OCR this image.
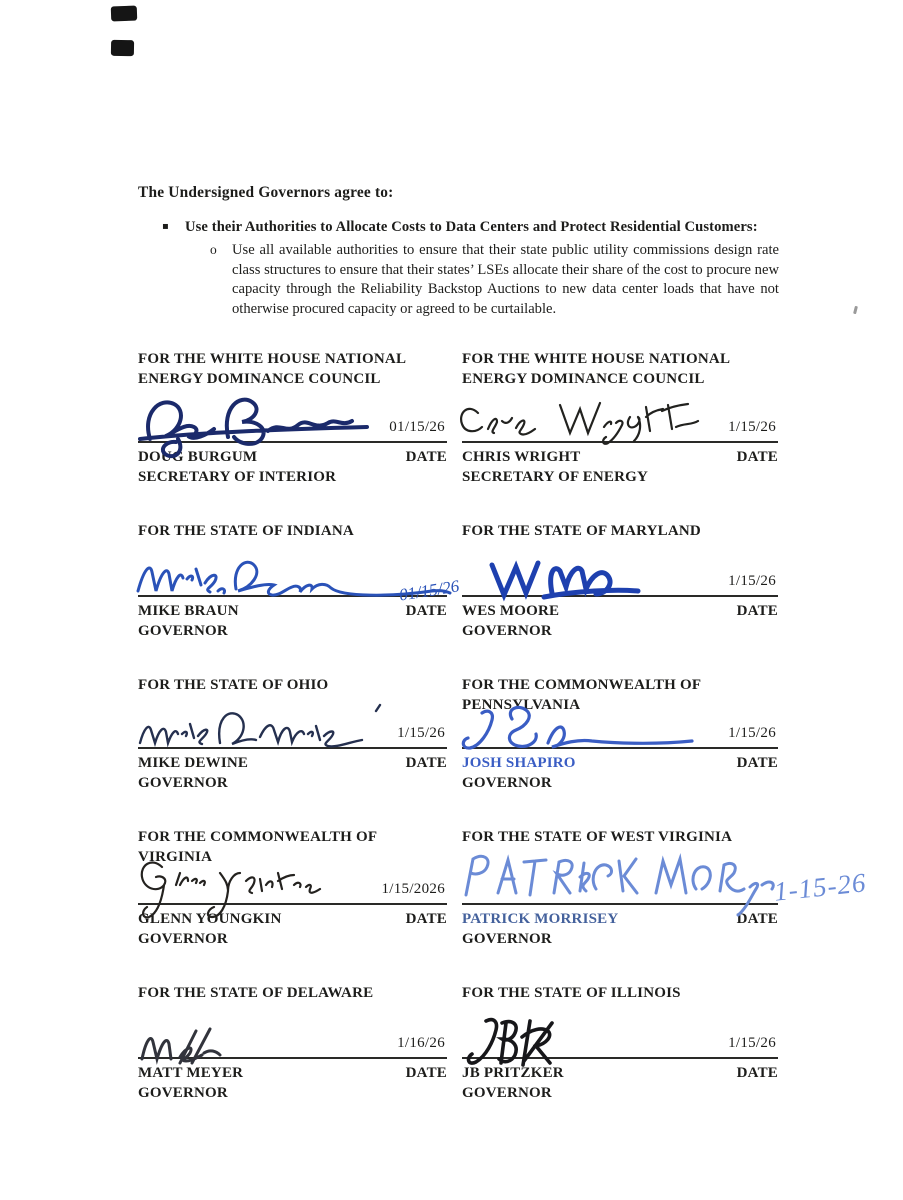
The Undersigned Governors agree to:

▪	Use their Authorities to Allocate Costs to Data Centers and Protect Residential Customers:
o	Use all available authorities to ensure that their state public utility commissions design rate class structures to ensure that their states’ LSEs allocate their share of the cost to procure new capacity through the Reliability Backstop Auctions to new data center loads that have not otherwise procured capacity or agreed to be curtailable.
FOR THE WHITE HOUSE NATIONAL ENERGY DOMINANCE COUNCIL
01/15/26
DOUG BURGUM	DATE
SECRETARY OF INTERIOR
FOR THE WHITE HOUSE NATIONAL ENERGY DOMINANCE COUNCIL
1/15/26
CHRIS WRIGHT	DATE
SECRETARY OF ENERGY
FOR THE STATE OF INDIANA
01/15/26
MIKE BRAUN	DATE
GOVERNOR
FOR THE STATE OF MARYLAND
1/15/26
WES MOORE	DATE
GOVERNOR
FOR THE STATE OF OHIO
1/15/26
MIKE DEWINE	DATE
GOVERNOR
FOR THE COMMONWEALTH OF PENNSYLVANIA
1/15/26
JOSH SHAPIRO	DATE
GOVERNOR
FOR THE COMMONWEALTH OF VIRGINIA
1/15/2026
GLENN YOUNGKIN	DATE
GOVERNOR
FOR THE STATE OF WEST VIRGINIA
1-15-26
PATRICK MORRISEY	DATE
GOVERNOR
FOR THE STATE OF DELAWARE
1/16/26
MATT MEYER	DATE
GOVERNOR
FOR THE STATE OF ILLINOIS
1/15/26
JB PRITZKER	DATE
GOVERNOR
